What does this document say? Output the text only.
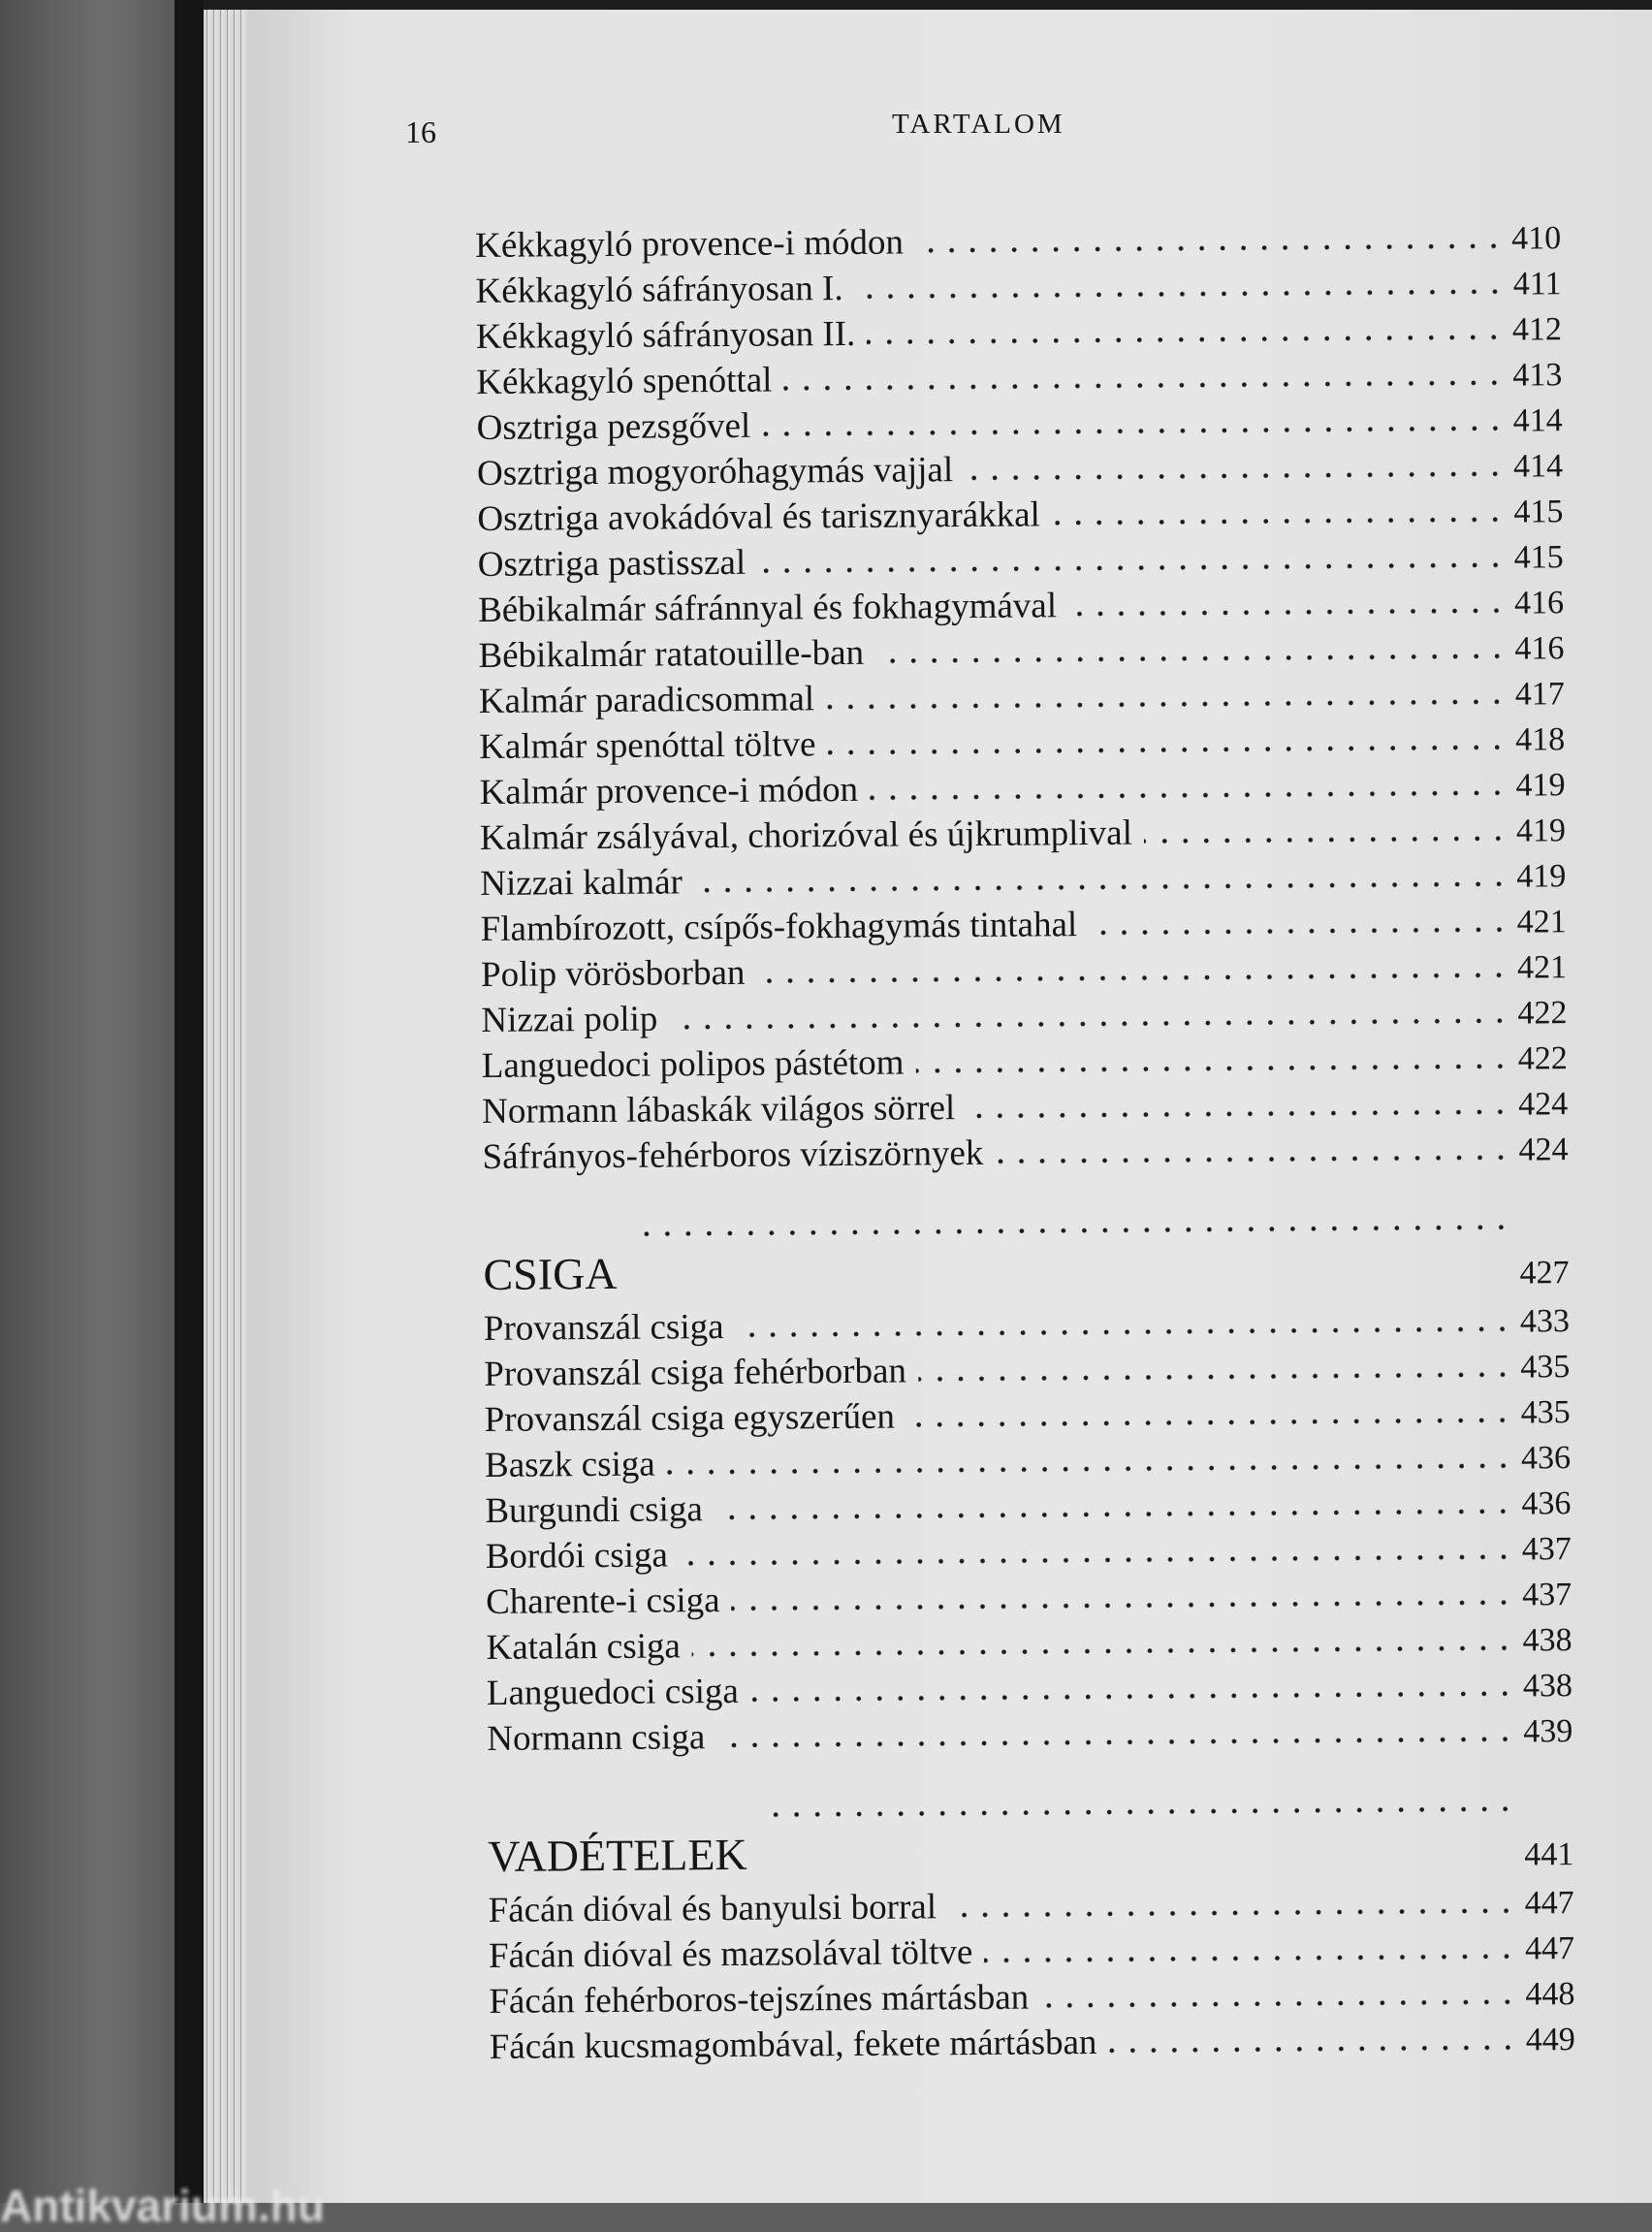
16	TARTALOM
Kékkagyló provence-i módon	410
Kékkagyló sáfrányosan I.	411
Kékkagyló sáfrányosan II.	412
Kékkagyló spenóttal	413
Osztriga pezsgővel	414
Osztriga mogyoróhagymás vajjal	414
Osztriga avokádóval és tarisznyarákkal	415
Osztriga pastisszal	415
Bébikalmár sáfránnyal és fokhagymával	416
Bébikalmár ratatouille-ban	416
Kalmár paradicsommal	417
Kalmár spenóttal töltve	418
Kalmár provence-i módon	419
Kalmár zsályával, chorizóval és újkrumplival	419
Nizzai kalmár	419
Flambírozott, csípős-fokhagymás tintahal	421
Polip vörösborban	421
Nizzai polip	422
Languedoci polipos pástétom	422
Normann lábaskák világos sörrel	424
Sáfrányos-fehérboros víziszörnyek	424
CSIGA	427
Provanszál csiga	433
Provanszál csiga fehérborban	435
Provanszál csiga egyszerűen	435
Baszk csiga	436
Burgundi csiga	436
Bordói csiga	437
Charente-i csiga	437
Katalán csiga	438
Languedoci csiga	438
Normann csiga	439
VADÉTELEK	441
Fácán dióval és banyulsi borral	447
Fácán dióval és mazsolával töltve	447
Fácán fehérboros-tejszínes mártásban	448
Fácán kucsmagombával, fekete mártásban	449
Antikvarium.hu
